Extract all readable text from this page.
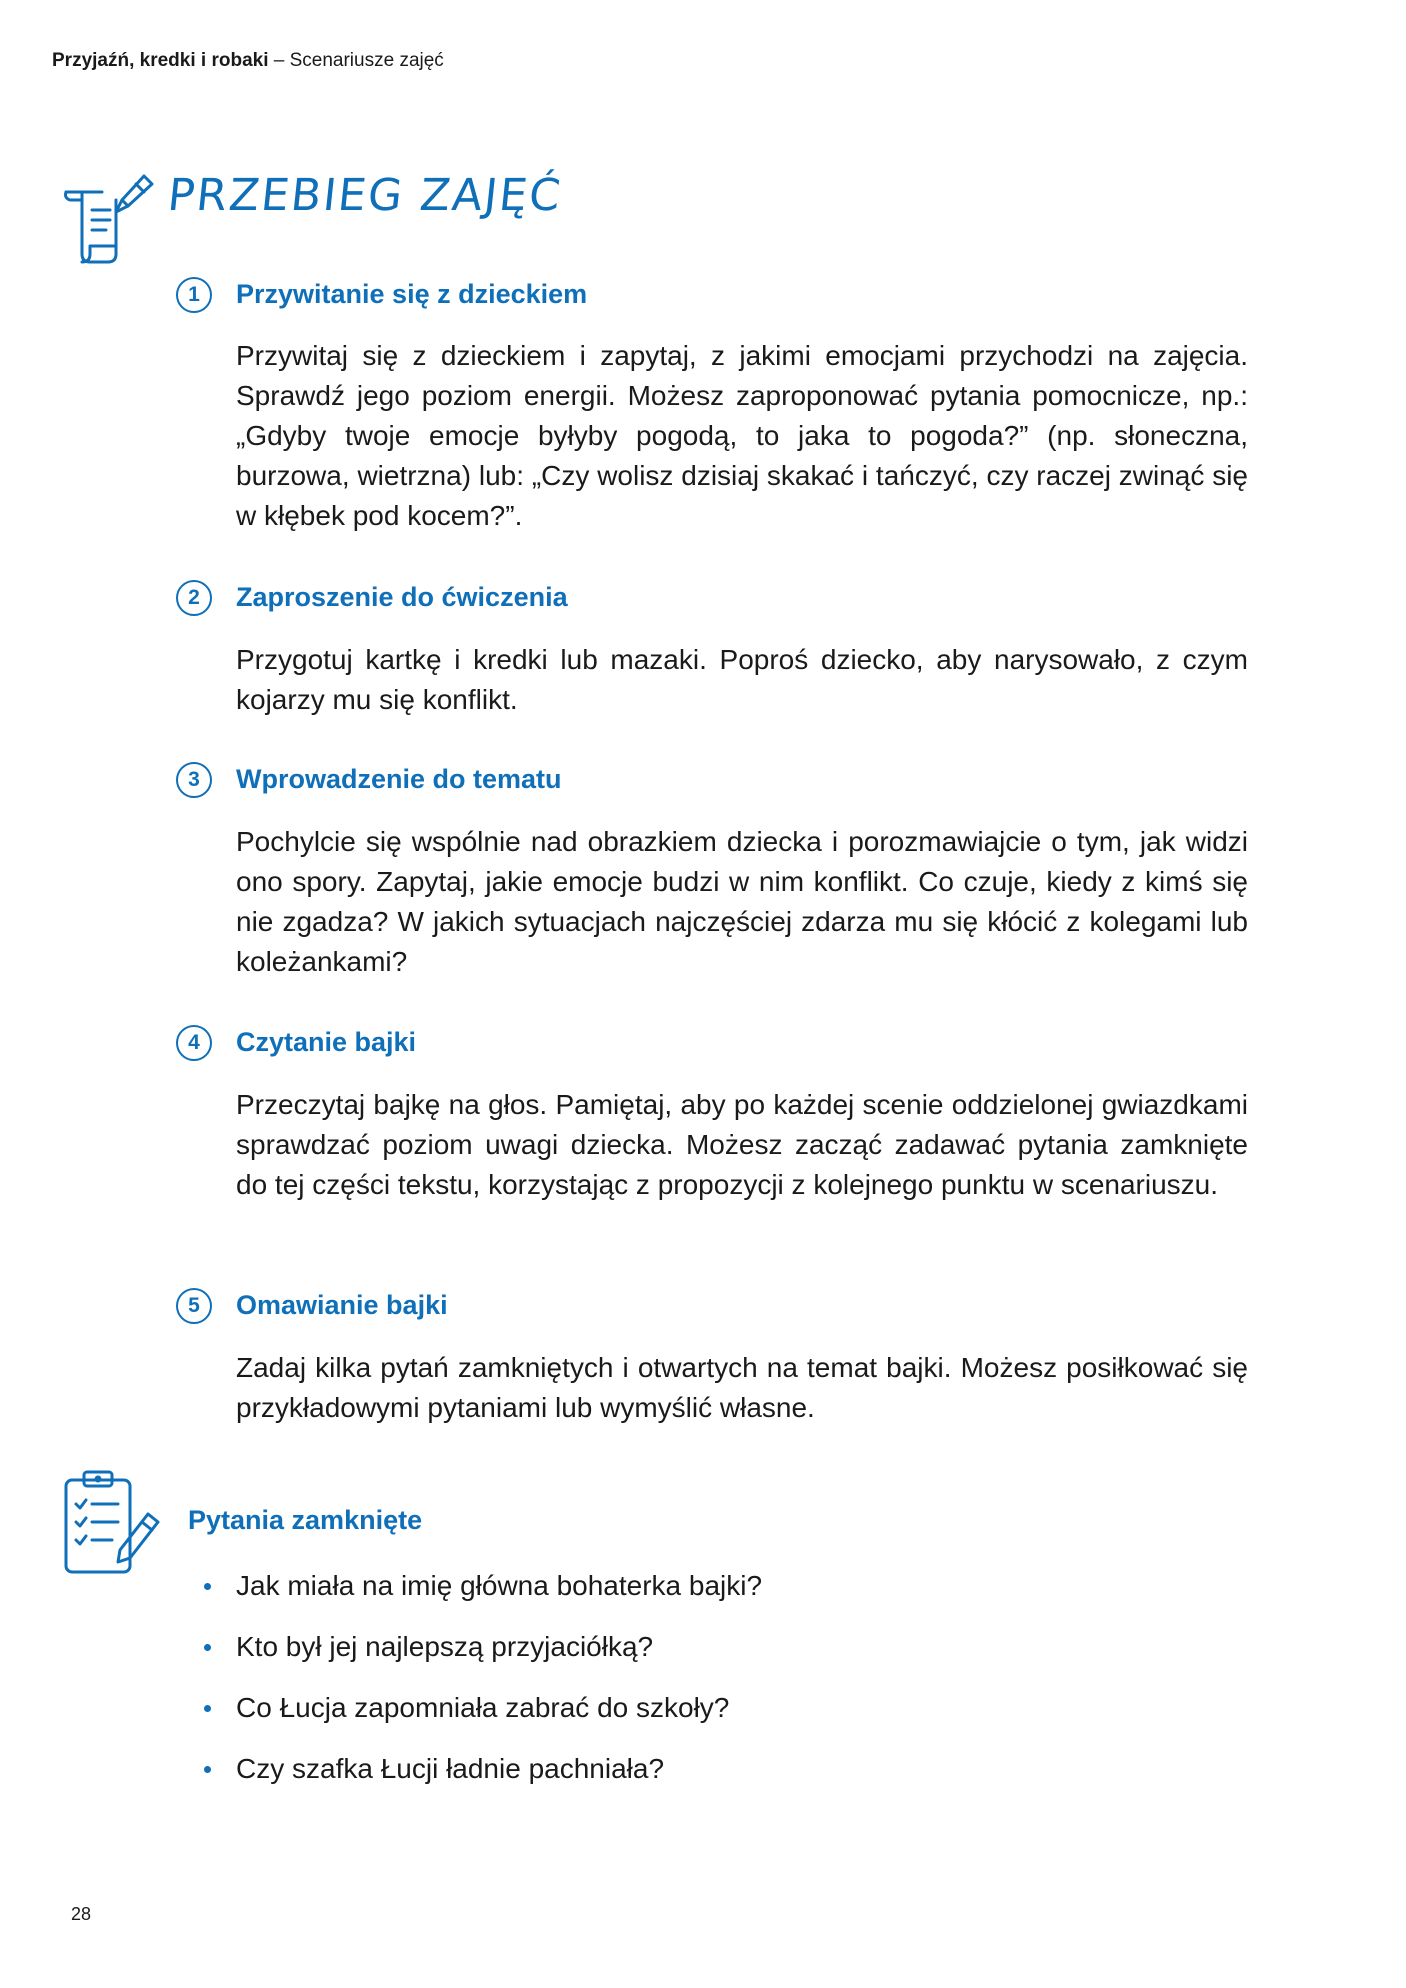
Przyjaźń, kredki i robaki – Scenariusze zajęć
PRZEBIEG ZAJĘĆ
1	Przywitanie się z dzieckiem

Przywitaj się z dzieckiem i zapytaj, z jakimi emocjami przychodzi na zajęcia. Sprawdź jego poziom energii. Możesz zaproponować pytania pomocnicze, np.: „Gdyby twoje emocje byłyby pogodą, to jaka to pogoda?” (np. słoneczna, burzowa, wietrzna) lub: „Czy wolisz dzisiaj skakać i tańczyć, czy raczej zwinąć się w kłębek pod kocem?”.

2	Zaproszenie do ćwiczenia

Przygotuj kartkę i kredki lub mazaki. Poproś dziecko, aby narysowało, z czym kojarzy mu się konflikt.

3	Wprowadzenie do tematu

Pochylcie się wspólnie nad obrazkiem dziecka i porozmawiajcie o tym, jak widzi ono spory. Zapytaj, jakie emocje budzi w nim konflikt. Co czuje, kiedy z kimś się nie zgadza? W jakich sytuacjach najczęściej zdarza mu się kłócić z kolegami lub koleżankami?

4	Czytanie bajki

Przeczytaj bajkę na głos. Pamiętaj, aby po każdej scenie oddzielonej gwiazdkami sprawdzać poziom uwagi dziecka. Możesz zacząć zadawać pytania zamknięte do tej części tekstu, korzystając z propozycji z kolejnego punktu w scenariuszu.

5	Omawianie bajki

Zadaj kilka pytań zamkniętych i otwartych na temat bajki. Możesz posiłkować się przykładowymi pytaniami lub wymyślić własne.

Pytania zamknięte
Jak miała na imię główna bohaterka bajki?
Kto był jej najlepszą przyjaciółką?
Co Łucja zapomniała zabrać do szkoły?
Czy szafka Łucji ładnie pachniała?
28
